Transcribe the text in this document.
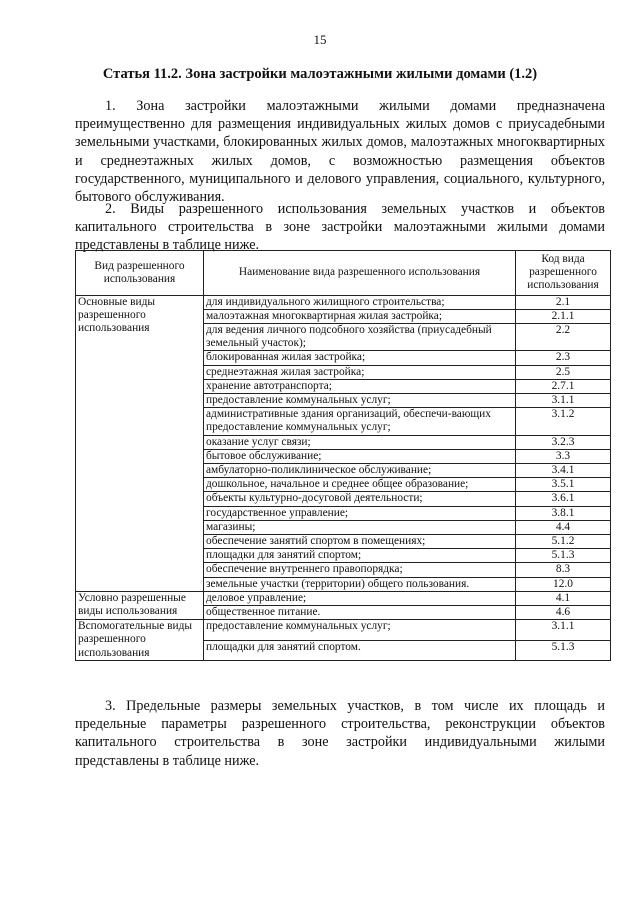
15
Статья 11.2. Зона застройки малоэтажными жилыми домами (1.2)

1. Зона застройки малоэтажными жилыми домами предназначена преимущественно для размещения индивидуальных жилых домов с приусадебными земельными участками, блокированных жилых домов, малоэтажных многоквартирных и среднеэтажных жилых домов, с возможностью размещения объектов государственного, муниципального и делового управления, социального, культурного, бытового обслуживания.

2. Виды разрешенного использования земельных участков и объектов капитального строительства в зоне застройки малоэтажными жилыми домами представлены в таблице ниже.

Вид разрешенного использования	Наименование вида разрешенного использования	Код вида разрешенного использования
Основные виды разрешенного использования	для индивидуального жилищного строительства;	2.1
	малоэтажная многоквартирная жилая застройка;	2.1.1
	для ведения личного подсобного хозяйства (приусадебный земельный участок);	2.2
	блокированная жилая застройка;	2.3
	среднеэтажная жилая застройка;	2.5
	хранение автотранспорта;	2.7.1
	предоставление коммунальных услуг;	3.1.1
	административные здания организаций, обеспечи-вающих предоставление коммунальных услуг;	3.1.2
	оказание услуг связи;	3.2.3
	бытовое обслуживание;	3.3
	амбулаторно-поликлиническое обслуживание;	3.4.1
	дошкольное, начальное и среднее общее образование;	3.5.1
	объекты культурно-досуговой деятельности;	3.6.1
	государственное управление;	3.8.1
	магазины;	4.4
	обеспечение занятий спортом в помещениях;	5.1.2
	площадки для занятий спортом;	5.1.3
	обеспечение внутреннего правопорядка;	8.3
	земельные участки (территории) общего пользования.	12.0
Условно разрешенные виды использования	деловое управление;	4.1
	общественное питание.	4.6
Вспомогательные виды разрешенного использования	предоставление коммунальных услуг;	3.1.1
	площадки для занятий спортом.	5.1.3

3. Предельные размеры земельных участков, в том числе их площадь и предельные параметры разрешенного строительства, реконструкции объектов капитального строительства в зоне застройки индивидуальными жилыми представлены в таблице ниже.
